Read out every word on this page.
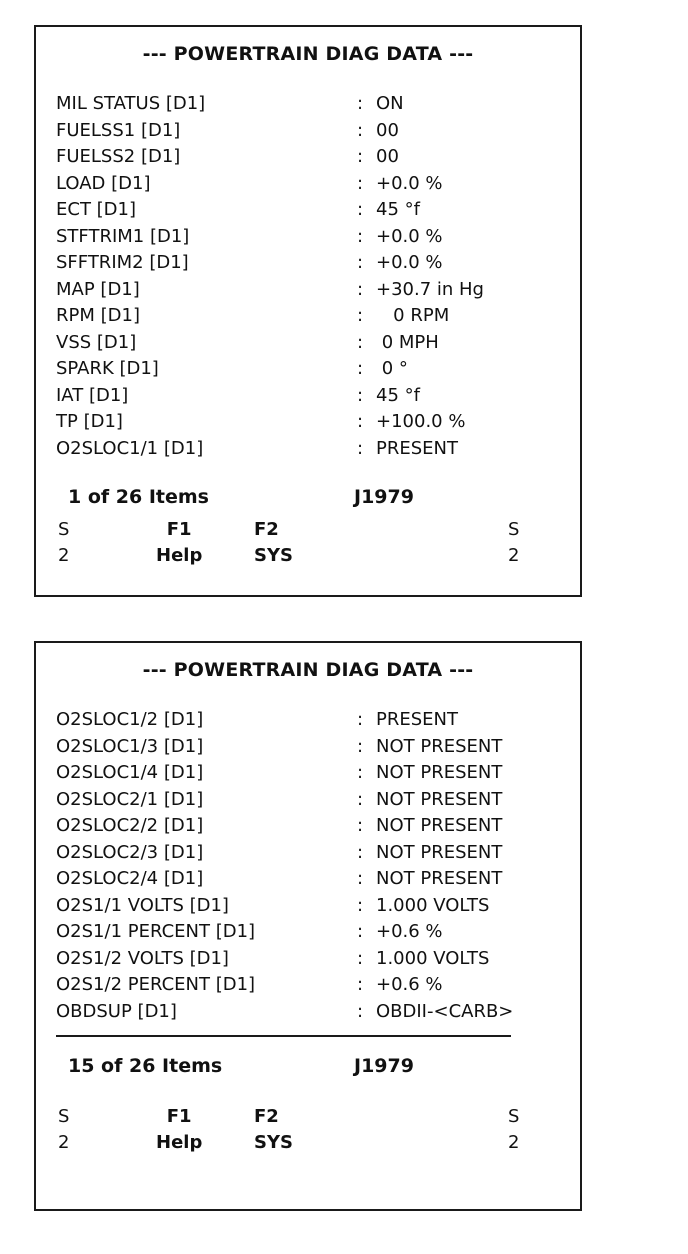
--- POWERTRAIN DIAG DATA ---
MIL STATUS [D1]	: ON
FUELSS1 [D1]	: 00
FUELSS2 [D1]	: 00
LOAD [D1]	: +0.0 %
ECT [D1]	: 45 °f
STFTRIM1 [D1]	: +0.0 %
SFFTRIM2 [D1]	: +0.0 %
MAP [D1]	: +30.7 in Hg
RPM [D1]	: 0 RPM
VSS [D1]	: 0 MPH
SPARK [D1]	: 0 °
IAT [D1]	: 45 °f
TP [D1]	: +100.0 %
O2SLOC1/1 [D1]	: PRESENT
1 of 26 Items	J1979
S
2
F1
Help
F2
SYS
S
2
--- POWERTRAIN DIAG DATA ---
O2SLOC1/2 [D1]	: PRESENT
O2SLOC1/3 [D1]	: NOT PRESENT
O2SLOC1/4 [D1]	: NOT PRESENT
O2SLOC2/1 [D1]	: NOT PRESENT
O2SLOC2/2 [D1]	: NOT PRESENT
O2SLOC2/3 [D1]	: NOT PRESENT
O2SLOC2/4 [D1]	: NOT PRESENT
O2S1/1 VOLTS [D1]	: 1.000 VOLTS
O2S1/1 PERCENT [D1]	: +0.6 %
O2S1/2 VOLTS [D1]	: 1.000 VOLTS
O2S1/2 PERCENT [D1]	: +0.6 %
OBDSUP [D1]	: OBDII-<CARB>
15 of 26 Items	J1979
S
2
F1
Help
F2
SYS
S
2
